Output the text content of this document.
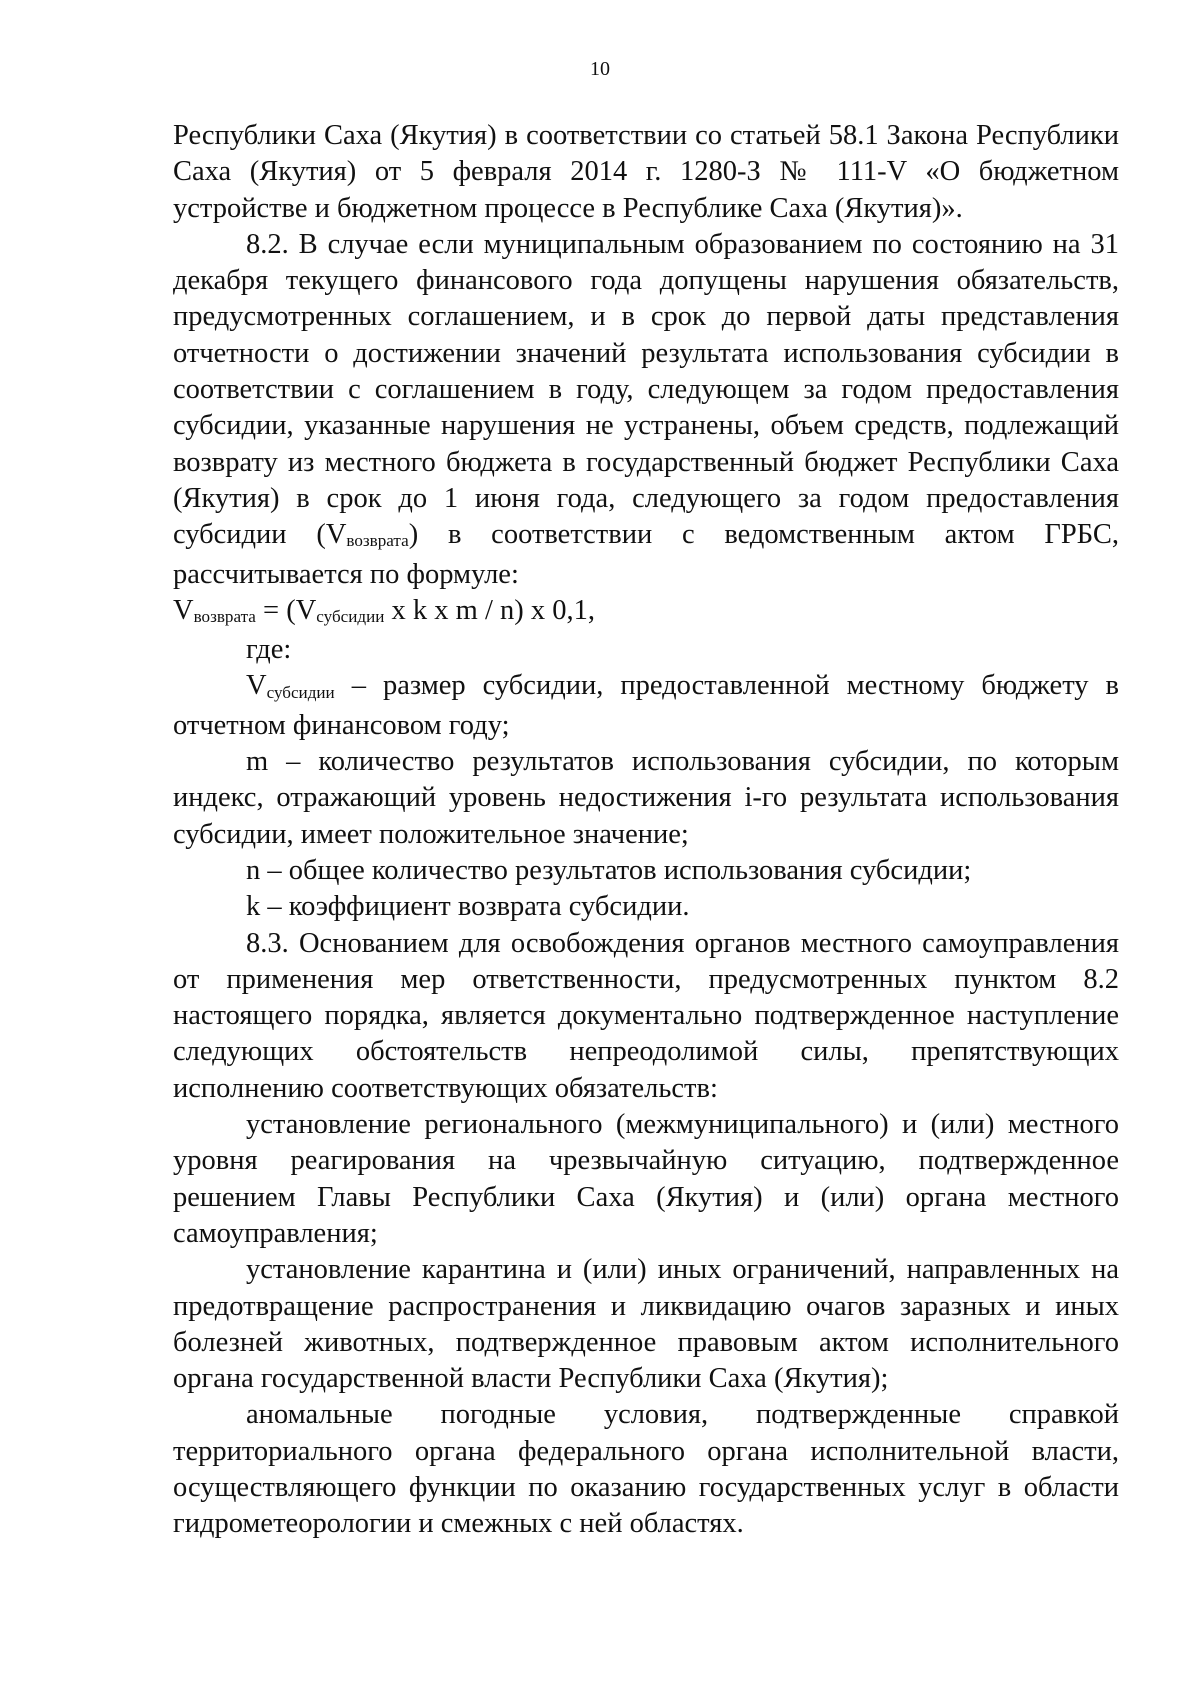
10

Республики Саха (Якутия) в соответствии со статьей 58.1 Закона Республики Саха (Якутия) от 5 февраля 2014 г. 1280-З № 111-V «О бюджетном устройстве и бюджетном процессе в Республике Саха (Якутия)».

8.2. В случае если муниципальным образованием по состоянию на 31 декабря текущего финансового года допущены нарушения обязательств, предусмотренных соглашением, и в срок до первой даты представления отчетности о достижении значений результата использования субсидии в соответствии с соглашением в году, следующем за годом предоставления субсидии, указанные нарушения не устранены, объем средств, подлежащий возврату из местного бюджета в государственный бюджет Республики Саха (Якутия) в срок до 1 июня года, следующего за годом предоставления субсидии $(V_{возврата})$ в соответствии с ведомственным актом ГРБС, рассчитывается по формуле:

$V_{возврата} = (V_{субсидии}$ x k x m / n) x 0,1,

где:

$V_{субсидии}$ – размер субсидии, предоставленной местному бюджету в отчетном финансовом году;

m – количество результатов использования субсидии, по которым индекс, отражающий уровень недостижения i-го результата использования субсидии, имеет положительное значение;

n – общее количество результатов использования субсидии;

k – коэффициент возврата субсидии.

8.3. Основанием для освобождения органов местного самоуправления от применения мер ответственности, предусмотренных пунктом 8.2 настоящего порядка, является документально подтвержденное наступление следующих обстоятельств непреодолимой силы, препятствующих исполнению соответствующих обязательств:

установление регионального (межмуниципального) и (или) местного уровня реагирования на чрезвычайную ситуацию, подтвержденное решением Главы Республики Саха (Якутия) и (или) органа местного самоуправления;

установление карантина и (или) иных ограничений, направленных на предотвращение распространения и ликвидацию очагов заразных и иных болезней животных, подтвержденное правовым актом исполнительного органа государственной власти Республики Саха (Якутия);

аномальные погодные условия, подтвержденные справкой территориального органа федерального органа исполнительной власти, осуществляющего функции по оказанию государственных услуг в области гидрометеорологии и смежных с ней областях.
